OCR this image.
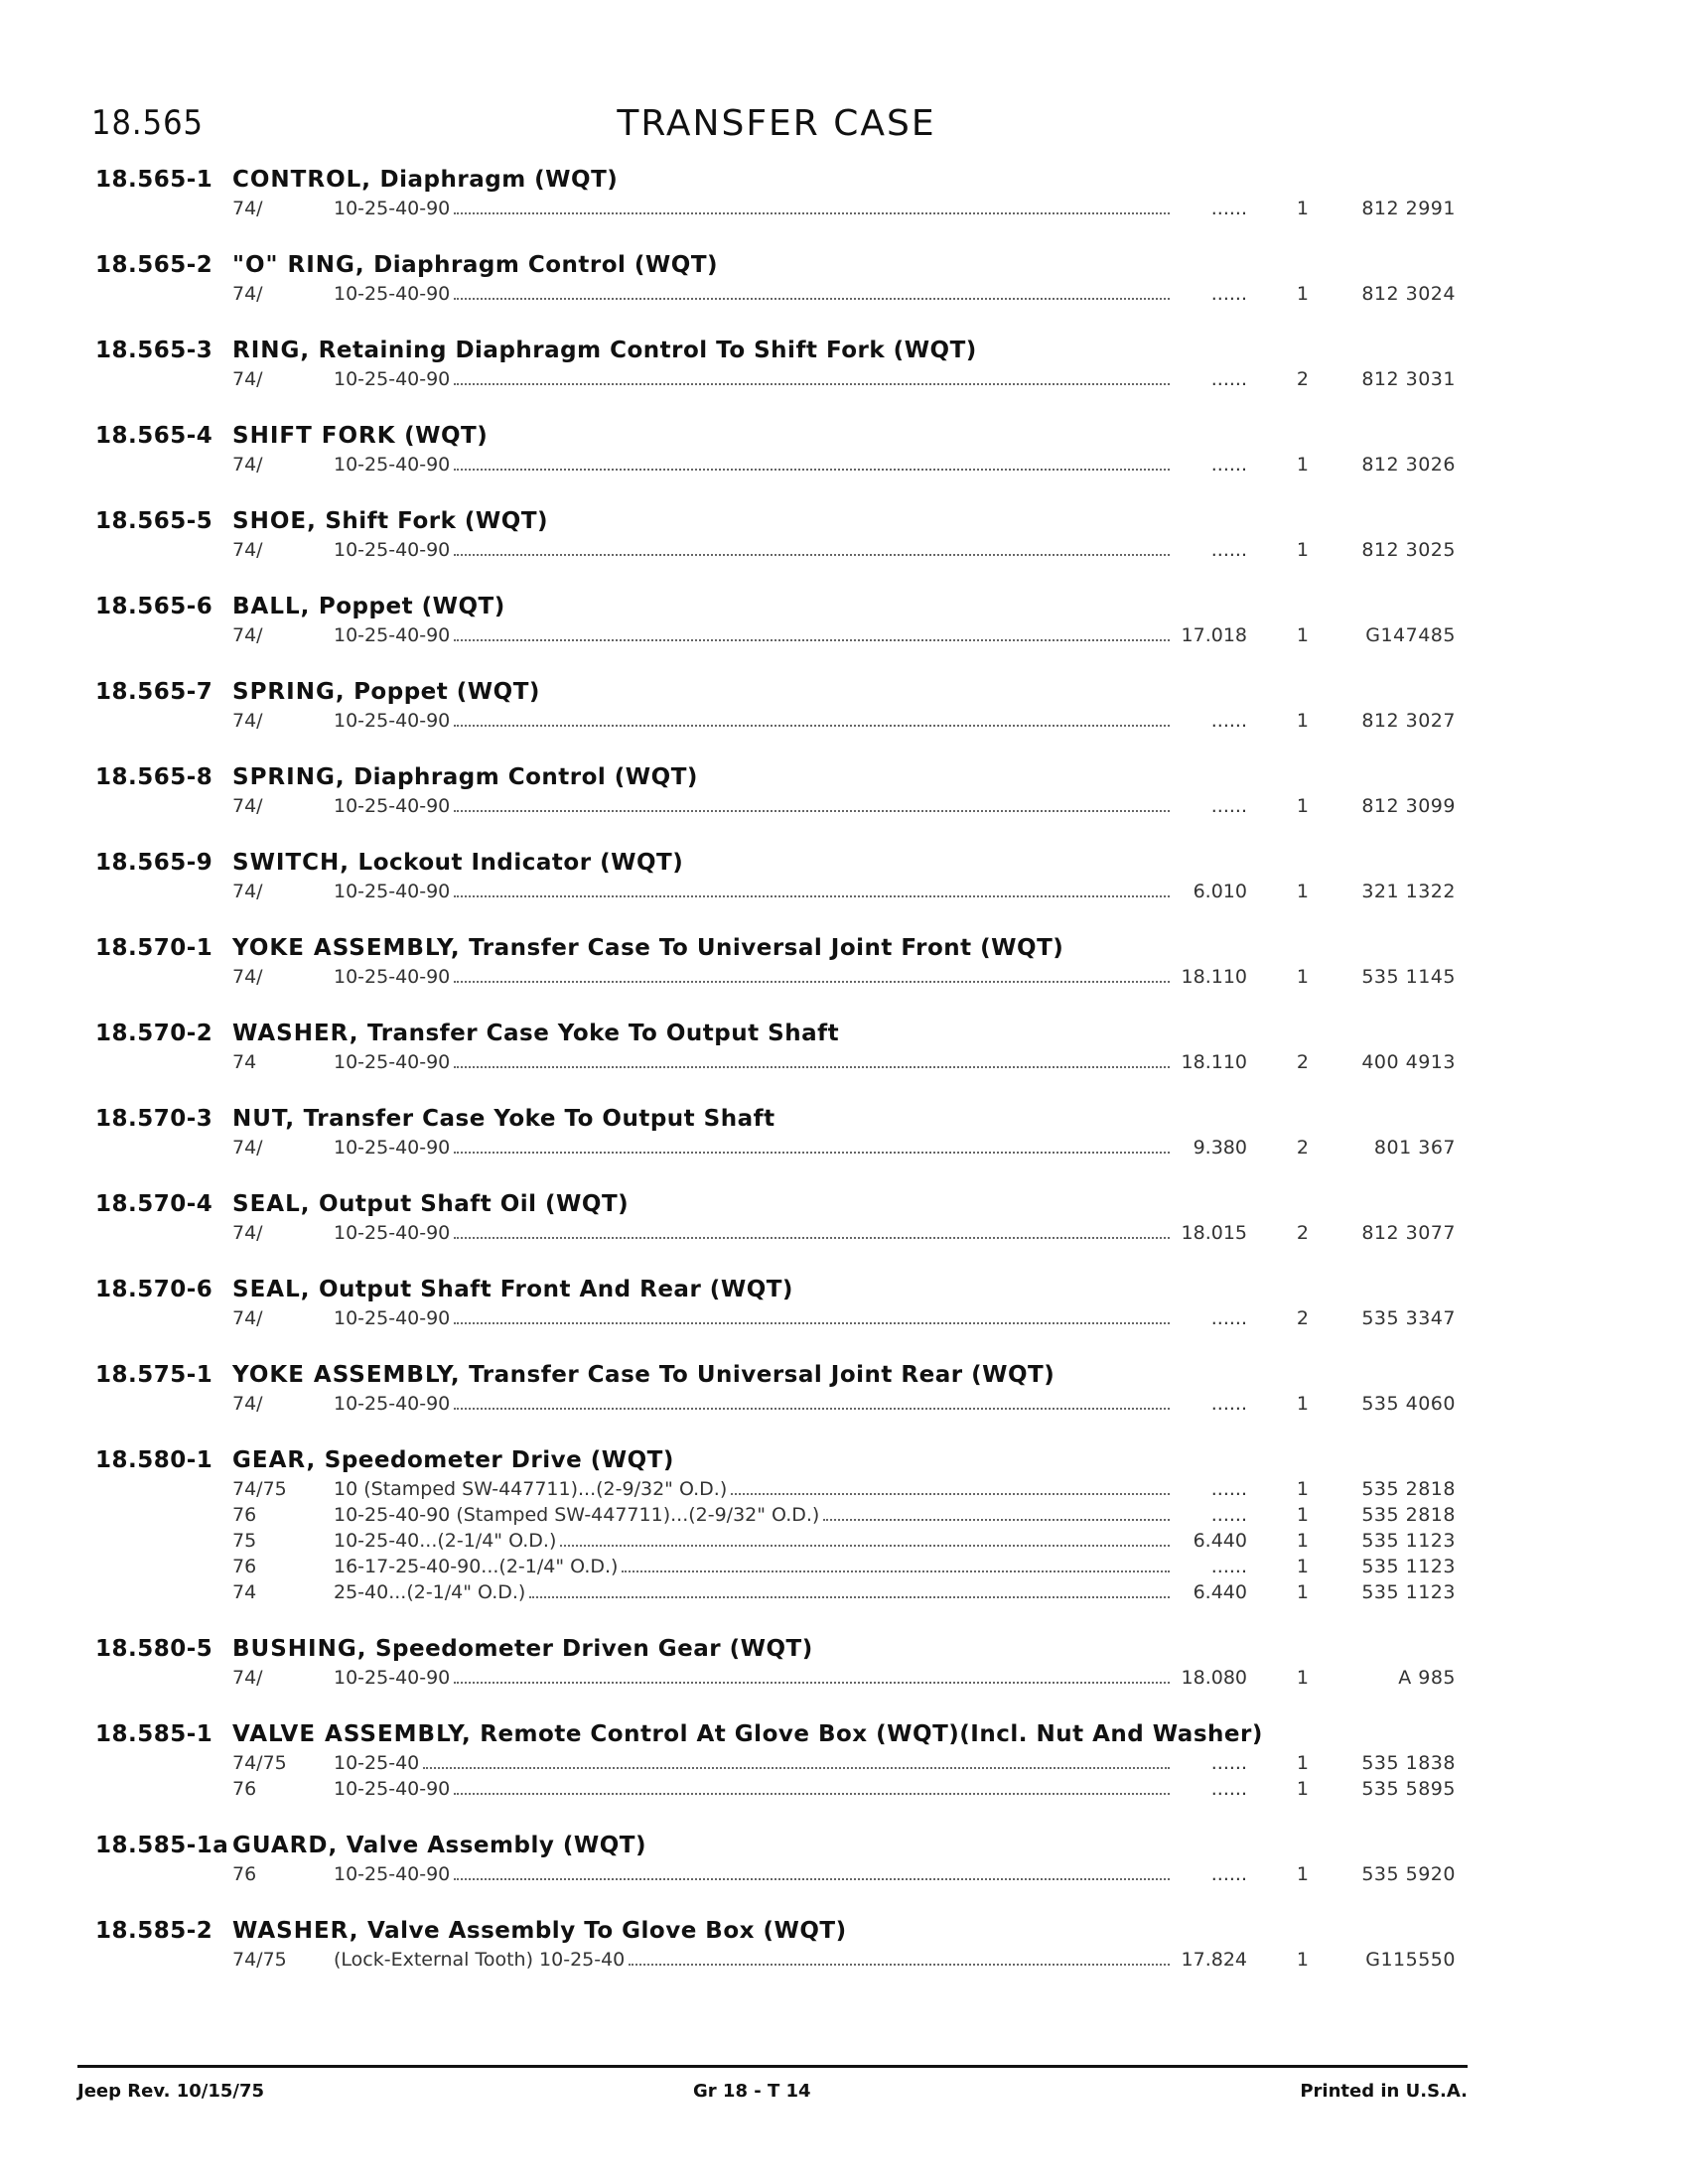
18.565	TRANSFER CASE
18.565-1 CONTROL, Diaphragm (WQT)
74/	10-25-40-90	......	1	812 2991
18.565-2 "O" RING, Diaphragm Control (WQT)
74/	10-25-40-90	......	1	812 3024
18.565-3 RING, Retaining Diaphragm Control To Shift Fork (WQT)
74/	10-25-40-90	......	2	812 3031
18.565-4 SHIFT FORK (WQT)
74/	10-25-40-90	......	1	812 3026
18.565-5 SHOE, Shift Fork (WQT)
74/	10-25-40-90	......	1	812 3025
18.565-6 BALL, Poppet (WQT)
74/	10-25-40-90	17.018	1	G147485
18.565-7 SPRING, Poppet (WQT)
74/	10-25-40-90	......	1	812 3027
18.565-8 SPRING, Diaphragm Control (WQT)
74/	10-25-40-90	......	1	812 3099
18.565-9 SWITCH, Lockout Indicator (WQT)
74/	10-25-40-90	6.010	1	321 1322
18.570-1 YOKE ASSEMBLY, Transfer Case To Universal Joint Front (WQT)
74/	10-25-40-90	18.110	1	535 1145
18.570-2 WASHER, Transfer Case Yoke To Output Shaft
74	10-25-40-90	18.110	2	400 4913
18.570-3 NUT, Transfer Case Yoke To Output Shaft
74/	10-25-40-90	9.380	2	801 367
18.570-4 SEAL, Output Shaft Oil (WQT)
74/	10-25-40-90	18.015	2	812 3077
18.570-6 SEAL, Output Shaft Front And Rear (WQT)
74/	10-25-40-90	......	2	535 3347
18.575-1 YOKE ASSEMBLY, Transfer Case To Universal Joint Rear (WQT)
74/	10-25-40-90	......	1	535 4060
18.580-1 GEAR, Speedometer Drive (WQT)
74/75	10 (Stamped SW-447711)...(2-9/32" O.D.)	......	1	535 2818
76	10-25-40-90 (Stamped SW-447711)...(2-9/32" O.D.)	......	1	535 2818
75	10-25-40...(2-1/4" O.D.)	6.440	1	535 1123
76	16-17-25-40-90...(2-1/4" O.D.)	......	1	535 1123
74	25-40...(2-1/4" O.D.)	6.440	1	535 1123
18.580-5 BUSHING, Speedometer Driven Gear (WQT)
74/	10-25-40-90	18.080	1	A 985
18.585-1 VALVE ASSEMBLY, Remote Control At Glove Box (WQT)(Incl. Nut And Washer)
74/75	10-25-40	......	1	535 1838
76	10-25-40-90	......	1	535 5895
18.585-1a GUARD, Valve Assembly (WQT)
76	10-25-40-90	......	1	535 5920
18.585-2 WASHER, Valve Assembly To Glove Box (WQT)
74/75	(Lock-External Tooth) 10-25-40	17.824	1	G115550
Jeep Rev. 10/15/75	Gr 18 - T 14	Printed in U.S.A.
